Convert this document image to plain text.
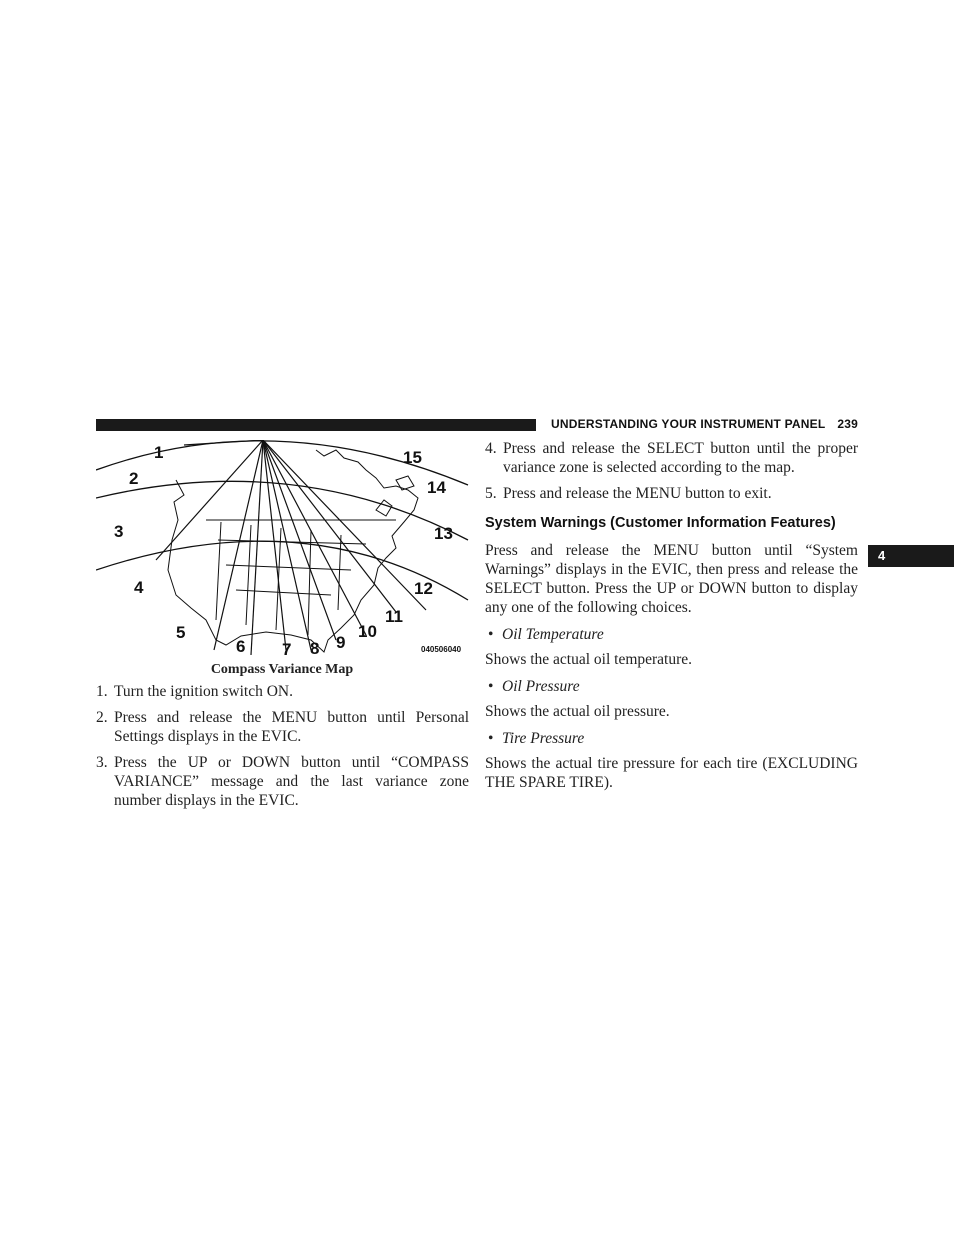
UNDERSTANDING YOUR INSTRUMENT PANEL 239
4
1
2
3
4
5
6 7 8 9
10
11
12
13
14
15
040506040
Compass Variance Map
1. Turn the ignition switch ON.
2. Press and release the MENU button until Personal Settings displays in the EVIC.
3. Press the UP or DOWN button until “COMPASS VARIANCE” message and the last variance zone number displays in the EVIC.
4. Press and release the SELECT button until the proper variance zone is selected according to the map.
5. Press and release the MENU button to exit.
System Warnings (Customer Information Features)
Press and release the MENU button until “System Warnings” displays in the EVIC, then press and release the SELECT button. Press the UP or DOWN button to display any one of the following choices.
• Oil Temperature
Shows the actual oil temperature.
• Oil Pressure
Shows the actual oil pressure.
• Tire Pressure
Shows the actual tire pressure for each tire (EXCLUDING THE SPARE TIRE).
